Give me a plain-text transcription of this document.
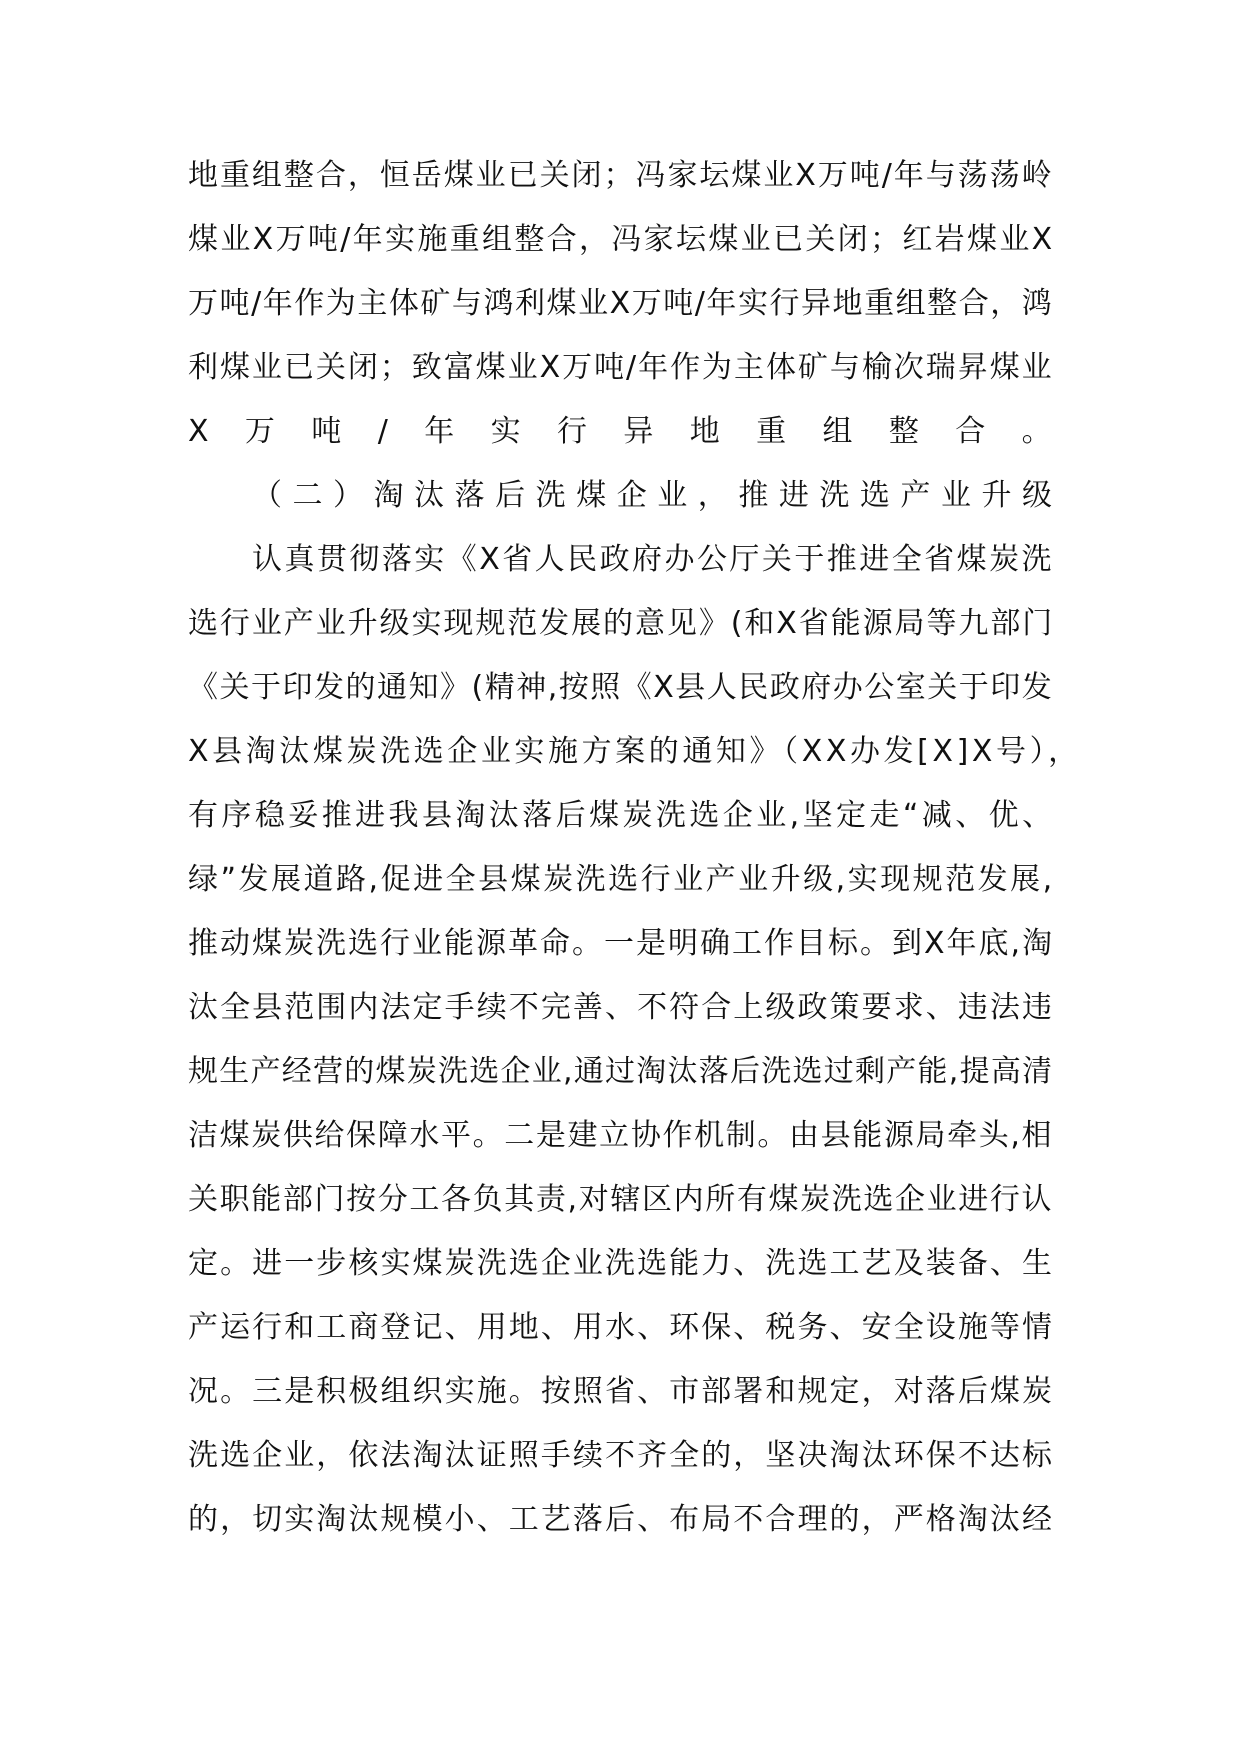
地重组整合，恒岳煤业已关闭；冯家坛煤业X万吨/年与荡荡岭

煤业X万吨/年实施重组整合，冯家坛煤业已关闭；红岩煤业X

万吨/年作为主体矿与鸿利煤业X万吨/年实行异地重组整合，鸿

利煤业已关闭；致富煤业X万吨/年作为主体矿与榆次瑞昇煤业

X万吨/年实行异地重组整合。

（二）淘汰落后洗煤企业，推进洗选产业升级

认真贯彻落实《X省人民政府办公厅关于推进全省煤炭洗

选行业产业升级实现规范发展的意见》(和X省能源局等九部门

《关于印发的通知》(精神,按照《X县人民政府办公室关于印发

X县淘汰煤炭洗选企业实施方案的通知》（XX办发[X]X号），

有序稳妥推进我县淘汰落后煤炭洗选企业,坚定走“减、优、

绿”发展道路,促进全县煤炭洗选行业产业升级,实现规范发展,

推动煤炭洗选行业能源革命。一是明确工作目标。到X年底,淘

汰全县范围内法定手续不完善、不符合上级政策要求、违法违

规生产经营的煤炭洗选企业,通过淘汰落后洗选过剩产能,提高清

洁煤炭供给保障水平。二是建立协作机制。由县能源局牵头,相

关职能部门按分工各负其责,对辖区内所有煤炭洗选企业进行认

定。进一步核实煤炭洗选企业洗选能力、洗选工艺及装备、生

产运行和工商登记、用地、用水、环保、税务、安全设施等情

况。三是积极组织实施。按照省、市部署和规定，对落后煤炭

洗选企业，依法淘汰证照手续不齐全的，坚决淘汰环保不达标

的，切实淘汰规模小、工艺落后、布局不合理的，严格淘汰经
